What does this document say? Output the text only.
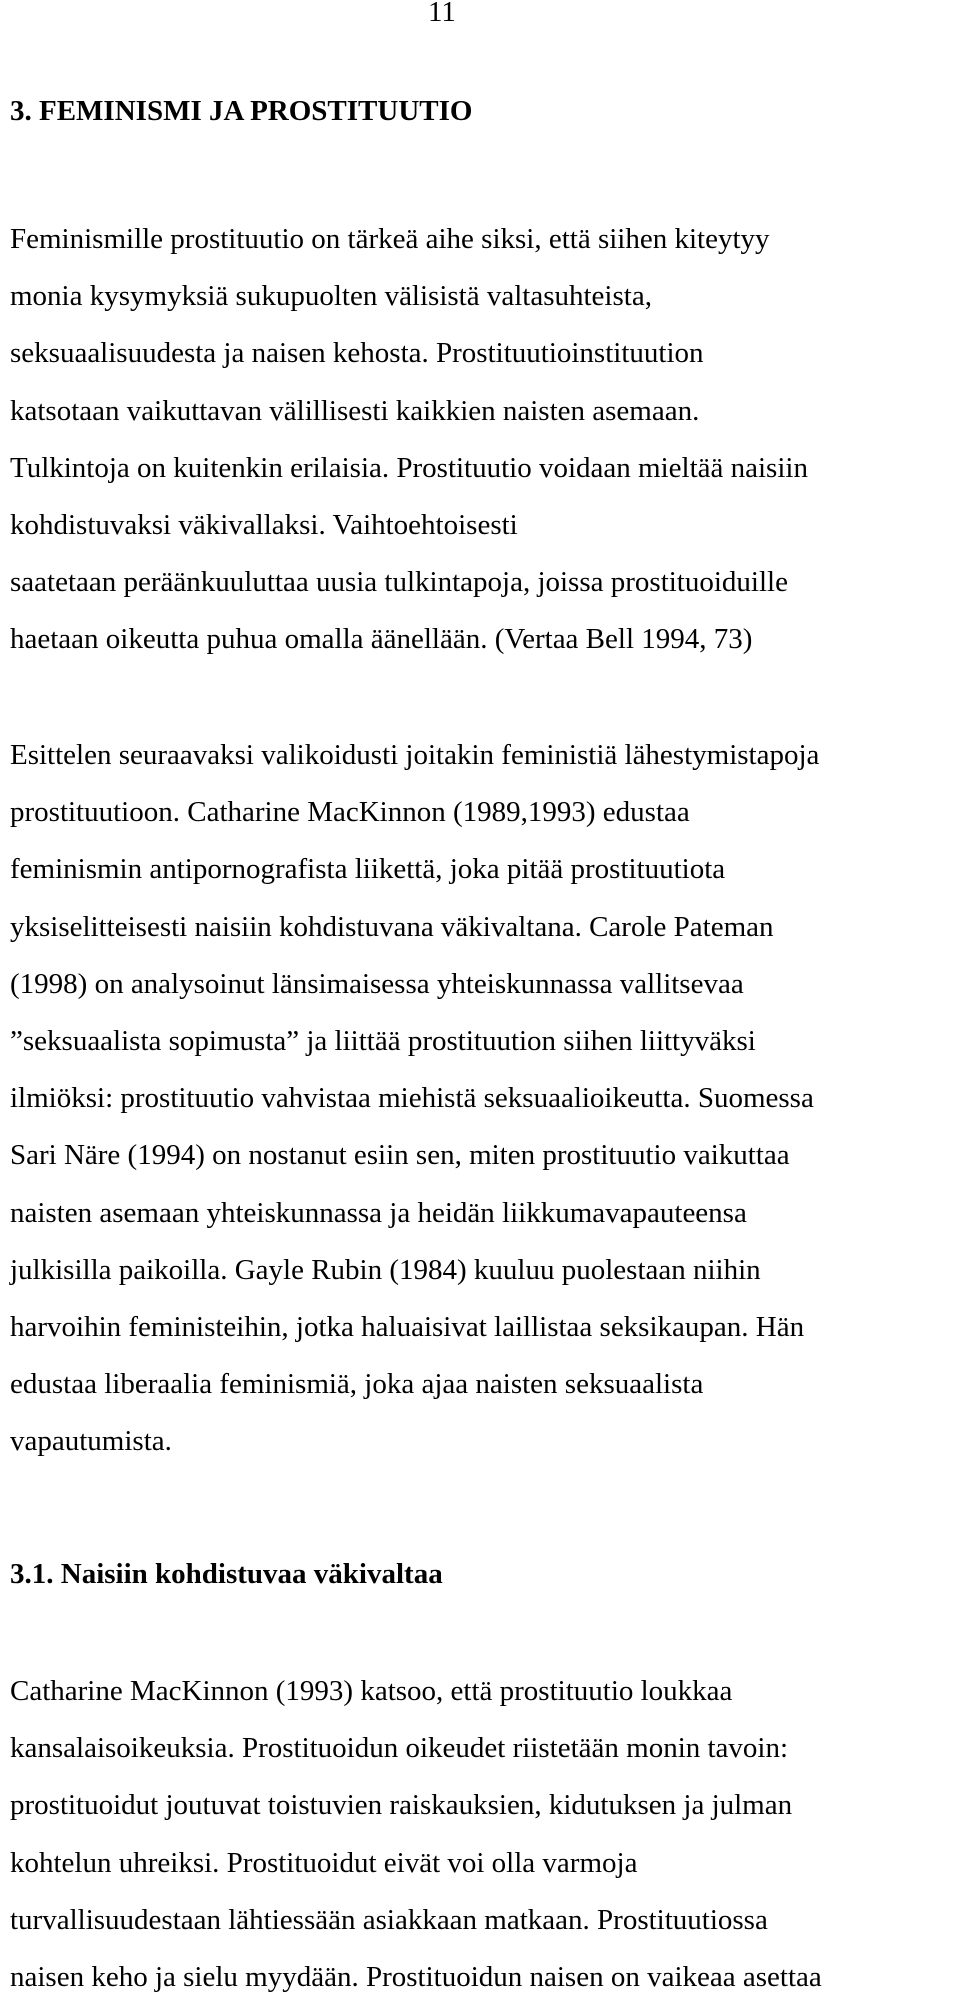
11
3. FEMINISMI JA PROSTITUUTIO
Feminismille prostituutio on tärkeä aihe siksi, että siihen kiteytyy
monia kysymyksiä sukupuolten välisistä valtasuhteista,
seksuaalisuudesta ja naisen kehosta. Prostituutioinstituution
katsotaan vaikuttavan välillisesti kaikkien naisten asemaan.
Tulkintoja on kuitenkin erilaisia. Prostituutio voidaan mieltää naisiin
kohdistuvaksi väkivallaksi. Vaihtoehtoisesti
saatetaan peräänkuuluttaa uusia tulkintapoja, joissa prostituoiduille
haetaan oikeutta puhua omalla äänellään. (Vertaa Bell 1994, 73)
Esittelen seuraavaksi valikoidusti joitakin feministiä lähestymistapoja
prostituutioon. Catharine MacKinnon (1989,1993) edustaa
feminismin antipornografista liikettä, joka pitää prostituutiota
yksiselitteisesti naisiin kohdistuvana väkivaltana. Carole Pateman
(1998) on analysoinut länsimaisessa yhteiskunnassa vallitsevaa
”seksuaalista sopimusta” ja liittää prostituution siihen liittyväksi
ilmiöksi: prostituutio vahvistaa miehistä seksuaalioikeutta. Suomessa
Sari Näre (1994) on nostanut esiin sen, miten prostituutio vaikuttaa
naisten asemaan yhteiskunnassa ja heidän liikkumavapauteensa
julkisilla paikoilla. Gayle Rubin (1984) kuuluu puolestaan niihin
harvoihin feministeihin, jotka haluaisivat laillistaa seksikaupan. Hän
edustaa liberaalia feminismiä, joka ajaa naisten seksuaalista
vapautumista.
3.1. Naisiin kohdistuvaa väkivaltaa
Catharine MacKinnon (1993) katsoo, että prostituutio loukkaa
kansalaisoikeuksia. Prostituoidun oikeudet riistetään monin tavoin:
prostituoidut joutuvat toistuvien raiskauksien, kidutuksen ja julman
kohtelun uhreiksi. Prostituoidut eivät voi olla varmoja
turvallisuudestaan lähtiessään asiakkaan matkaan. Prostituutiossa
naisen keho ja sielu myydään. Prostituoidun naisen on vaikeaa asettaa
